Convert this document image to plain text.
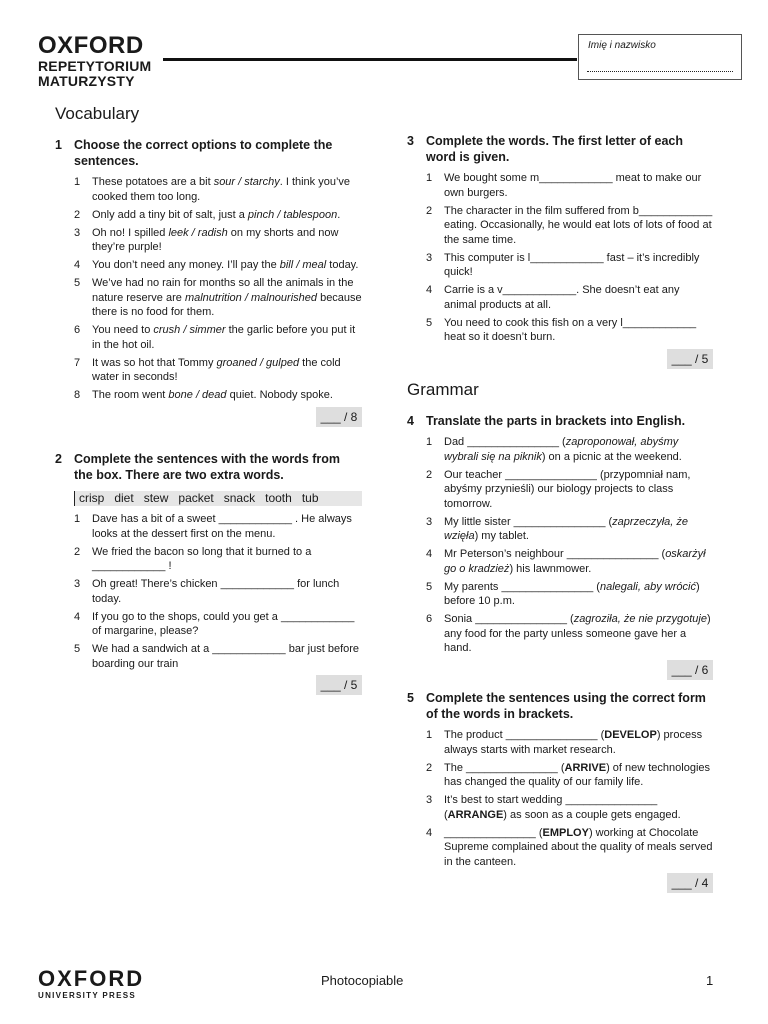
OXFORD
REPETYTORIUM
MATURZYSTY
Imię i nazwisko
Vocabulary
Grammar
1 Choose the correct options to complete the sentences.
1 These potatoes are a bit sour / starchy. I think you’ve cooked them too long.
2 Only add a tiny bit of salt, just a pinch / tablespoon.
3 Oh no! I spilled leek / radish on my shorts and now they’re purple!
4 You don’t need any money. I’ll pay the bill / meal today.
5 We’ve had no rain for months so all the animals in the nature reserve are malnutrition / malnourished because there is no food for them.
6 You need to crush / simmer the garlic before you put it in the hot oil.
7 It was so hot that Tommy groaned / gulped the cold water in seconds!
8 The room went bone / dead quiet. Nobody spoke.
___ / 8
2 Complete the sentences with the words from the box. There are two extra words.
crisp diet stew packet snack tooth tub
1 Dave has a bit of a sweet ____________ . He always looks at the dessert first on the menu.
2 We fried the bacon so long that it burned to a ____________ !
3 Oh great! There’s chicken ____________ for lunch today.
4 If you go to the shops, could you get a ____________ of margarine, please?
5 We had a sandwich at a ____________ bar just before boarding our train
___ / 5
3 Complete the words. The first letter of each word is given.
1 We bought some m____________ meat to make our own burgers.
2 The character in the film suffered from b____________ eating. Occasionally, he would eat lots of lots of food at the same time.
3 This computer is l____________ fast – it’s incredibly quick!
4 Carrie is a v____________. She doesn’t eat any animal products at all.
5 You need to cook this fish on a very l____________ heat so it doesn’t burn.
___ / 5
4 Translate the parts in brackets into English.
1 Dad _______________ (zaproponował, abyśmy wybrali się na piknik) on a picnic at the weekend.
2 Our teacher _______________ (przypomniał nam, abyśmy przynieśli) our biology projects to class tomorrow.
3 My little sister _______________ (zaprzeczyła, że wzięła) my tablet.
4 Mr Peterson’s neighbour _______________ (oskarżył go o kradzież) his lawnmower.
5 My parents _______________ (nalegali, aby wrócić) before 10 p.m.
6 Sonia _______________ (zagroziła, że nie przygotuje) any food for the party unless someone gave her a hand.
___ / 6
5 Complete the sentences using the correct form of the words in brackets.
1 The product _______________ (DEVELOP) process always starts with market research.
2 The _______________ (ARRIVE) of new technologies has changed the quality of our family life.
3 It’s best to start wedding _______________ (ARRANGE) as soon as a couple gets engaged.
4 _______________ (EMPLOY) working at Chocolate Supreme complained about the quality of meals served in the canteen.
___ / 4
OXFORD
UNIVERSITY PRESS
Photocopiable	1
